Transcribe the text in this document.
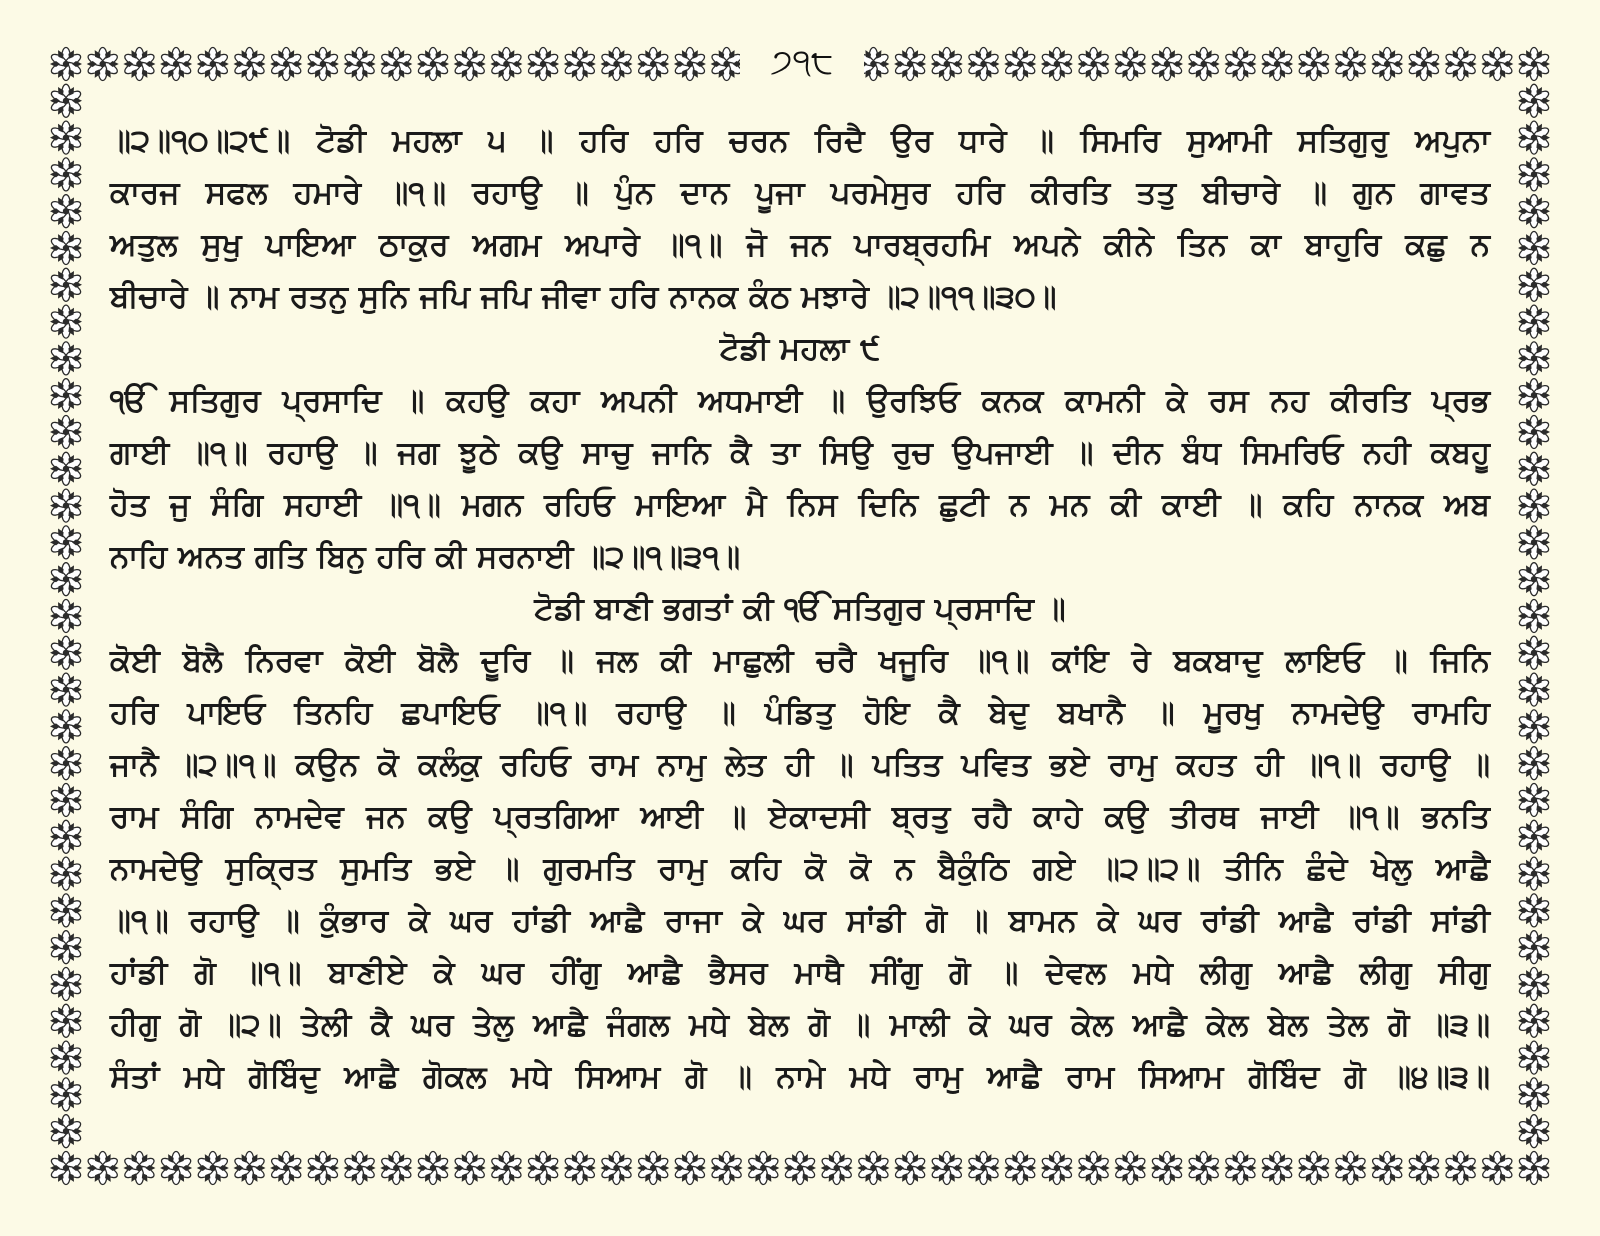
੭੧੮
॥੨॥੧੦॥੨੯॥ ਟੋਡੀ ਮਹਲਾ ੫ ॥ ਹਰਿ ਹਰਿ ਚਰਨ ਰਿਦੈ ਉਰ ਧਾਰੇ ॥ ਸਿਮਰਿ ਸੁਆਮੀ ਸਤਿਗੁਰੁ ਅਪੁਨਾ
ਕਾਰਜ ਸਫਲ ਹਮਾਰੇ ॥੧॥ ਰਹਾਉ ॥ ਪੁੰਨ ਦਾਨ ਪੂਜਾ ਪਰਮੇਸੁਰ ਹਰਿ ਕੀਰਤਿ ਤਤੁ ਬੀਚਾਰੇ ॥ ਗੁਨ ਗਾਵਤ
ਅਤੁਲ ਸੁਖੁ ਪਾਇਆ ਠਾਕੁਰ ਅਗਮ ਅਪਾਰੇ ॥੧॥ ਜੋ ਜਨ ਪਾਰਬ੍ਰਹਮਿ ਅਪਨੇ ਕੀਨੇ ਤਿਨ ਕਾ ਬਾਹੁਰਿ ਕਛੁ ਨ
ਬੀਚਾਰੇ ॥ ਨਾਮ ਰਤਨੁ ਸੁਨਿ ਜਪਿ ਜਪਿ ਜੀਵਾ ਹਰਿ ਨਾਨਕ ਕੰਠ ਮਝਾਰੇ ॥੨॥੧੧॥੩੦॥
ਟੋਡੀ ਮਹਲਾ ੯
ੴ ਸਤਿਗੁਰ ਪ੍ਰਸਾਦਿ ॥ ਕਹਉ ਕਹਾ ਅਪਨੀ ਅਧਮਾਈ ॥ ਉਰਝਿਓ ਕਨਕ ਕਾਮਨੀ ਕੇ ਰਸ ਨਹ ਕੀਰਤਿ ਪ੍ਰਭ
ਗਾਈ ॥੧॥ ਰਹਾਉ ॥ ਜਗ ਝੂਠੇ ਕਉ ਸਾਚੁ ਜਾਨਿ ਕੈ ਤਾ ਸਿਉ ਰੁਚ ਉਪਜਾਈ ॥ ਦੀਨ ਬੰਧ ਸਿਮਰਿਓ ਨਹੀ ਕਬਹੂ
ਹੋਤ ਜੁ ਸੰਗਿ ਸਹਾਈ ॥੧॥ ਮਗਨ ਰਹਿਓ ਮਾਇਆ ਮੈ ਨਿਸ ਦਿਨਿ ਛੁਟੀ ਨ ਮਨ ਕੀ ਕਾਈ ॥ ਕਹਿ ਨਾਨਕ ਅਬ
ਨਾਹਿ ਅਨਤ ਗਤਿ ਬਿਨੁ ਹਰਿ ਕੀ ਸਰਨਾਈ ॥੨॥੧॥੩੧॥
ਟੋਡੀ ਬਾਣੀ ਭਗਤਾਂ ਕੀ ੴ ਸਤਿਗੁਰ ਪ੍ਰਸਾਦਿ ॥
ਕੋਈ ਬੋਲੈ ਨਿਰਵਾ ਕੋਈ ਬੋਲੈ ਦੂਰਿ ॥ ਜਲ ਕੀ ਮਾਛੁਲੀ ਚਰੈ ਖਜੂਰਿ ॥੧॥ ਕਾਂਇ ਰੇ ਬਕਬਾਦੁ ਲਾਇਓ ॥ ਜਿਨਿ
ਹਰਿ ਪਾਇਓ ਤਿਨਹਿ ਛਪਾਇਓ ॥੧॥ ਰਹਾਉ ॥ ਪੰਡਿਤੁ ਹੋਇ ਕੈ ਬੇਦੁ ਬਖਾਨੈ ॥ ਮੂਰਖੁ ਨਾਮਦੇਉ ਰਾਮਹਿ
ਜਾਨੈ ॥੨॥੧॥ ਕਉਨ ਕੋ ਕਲੰਕੁ ਰਹਿਓ ਰਾਮ ਨਾਮੁ ਲੇਤ ਹੀ ॥ ਪਤਿਤ ਪਵਿਤ ਭਏ ਰਾਮੁ ਕਹਤ ਹੀ ॥੧॥ ਰਹਾਉ ॥
ਰਾਮ ਸੰਗਿ ਨਾਮਦੇਵ ਜਨ ਕਉ ਪ੍ਰਤਗਿਆ ਆਈ ॥ ਏਕਾਦਸੀ ਬ੍ਰਤੁ ਰਹੈ ਕਾਹੇ ਕਉ ਤੀਰਥ ਜਾਈ ॥੧॥ ਭਨਤਿ
ਨਾਮਦੇਉ ਸੁਕ੍ਰਿਤ ਸੁਮਤਿ ਭਏ ॥ ਗੁਰਮਤਿ ਰਾਮੁ ਕਹਿ ਕੋ ਕੋ ਨ ਬੈਕੁੰਠਿ ਗਏ ॥੨॥੨॥ ਤੀਨਿ ਛੰਦੇ ਖੇਲੁ ਆਛੈ
॥੧॥ ਰਹਾਉ ॥ ਕੁੰਭਾਰ ਕੇ ਘਰ ਹਾਂਡੀ ਆਛੈ ਰਾਜਾ ਕੇ ਘਰ ਸਾਂਡੀ ਗੋ ॥ ਬਾਮਨ ਕੇ ਘਰ ਰਾਂਡੀ ਆਛੈ ਰਾਂਡੀ ਸਾਂਡੀ
ਹਾਂਡੀ ਗੋ ॥੧॥ ਬਾਣੀਏ ਕੇ ਘਰ ਹੀਂਗੁ ਆਛੈ ਭੈਸਰ ਮਾਥੈ ਸੀਂਗੁ ਗੋ ॥ ਦੇਵਲ ਮਧੇ ਲੀਗੁ ਆਛੈ ਲੀਗੁ ਸੀਗੁ
ਹੀਗੁ ਗੋ ॥੨॥ ਤੇਲੀ ਕੈ ਘਰ ਤੇਲੁ ਆਛੈ ਜੰਗਲ ਮਧੇ ਬੇਲ ਗੋ ॥ ਮਾਲੀ ਕੇ ਘਰ ਕੇਲ ਆਛੈ ਕੇਲ ਬੇਲ ਤੇਲ ਗੋ ॥੩॥
ਸੰਤਾਂ ਮਧੇ ਗੋਬਿੰਦੁ ਆਛੈ ਗੋਕਲ ਮਧੇ ਸਿਆਮ ਗੋ ॥ ਨਾਮੇ ਮਧੇ ਰਾਮੁ ਆਛੈ ਰਾਮ ਸਿਆਮ ਗੋਬਿੰਦ ਗੋ ॥੪॥੩॥
